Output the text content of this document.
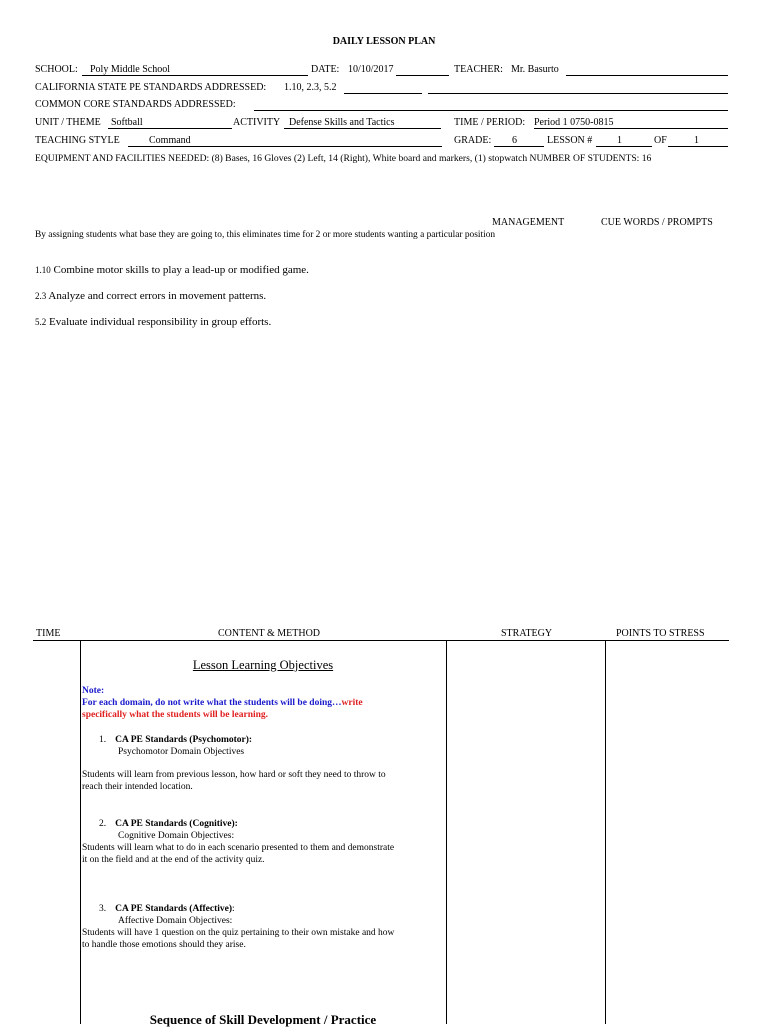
DAILY LESSON PLAN
SCHOOL: Poly Middle School	DATE: 10/10/2017	TEACHER: Mr. Basurto
CALIFORNIA STATE PE STANDARDS ADDRESSED: 1.10, 2.3, 5.2
COMMON CORE STANDARDS ADDRESSED:
UNIT / THEME Softball	ACTIVITY Defense Skills and Tactics	TIME / PERIOD: Period 1 0750-0815
TEACHING STYLE	Command	GRADE: 6	LESSON # 1	OF	1
EQUIPMENT AND FACILITIES NEEDED: (8) Bases, 16 Gloves (2) Left, 14 (Right), White board and markers, (1) stopwatch NUMBER OF STUDENTS: 16
MANAGEMENT	CUE WORDS / PROMPTS
By assigning students what base they are going to, this eliminates time for 2 or more students wanting a particular position
1.10 Combine motor skills to play a lead-up or modified game.
2.3 Analyze and correct errors in movement patterns.
5.2 Evaluate individual responsibility in group efforts.
TIME	CONTENT & METHOD	STRATEGY	POINTS TO STRESS
Lesson Learning Objectives
Note:
For each domain, do not write what the students will be doing…write
specifically what the students will be learning.
1. CA PE Standards (Psychomotor):
Psychomotor Domain Objectives
Students will learn from previous lesson, how hard or soft they need to throw to
reach their intended location.
2. CA PE Standards (Cognitive):
Cognitive Domain Objectives:
Students will learn what to do in each scenario presented to them and demonstrate
it on the field and at the end of the activity quiz.
3. CA PE Standards (Affective):
Affective Domain Objectives:
Students will have 1 question on the quiz pertaining to their own mistake and how
to handle those emotions should they arise.
Sequence of Skill Development / Practice
